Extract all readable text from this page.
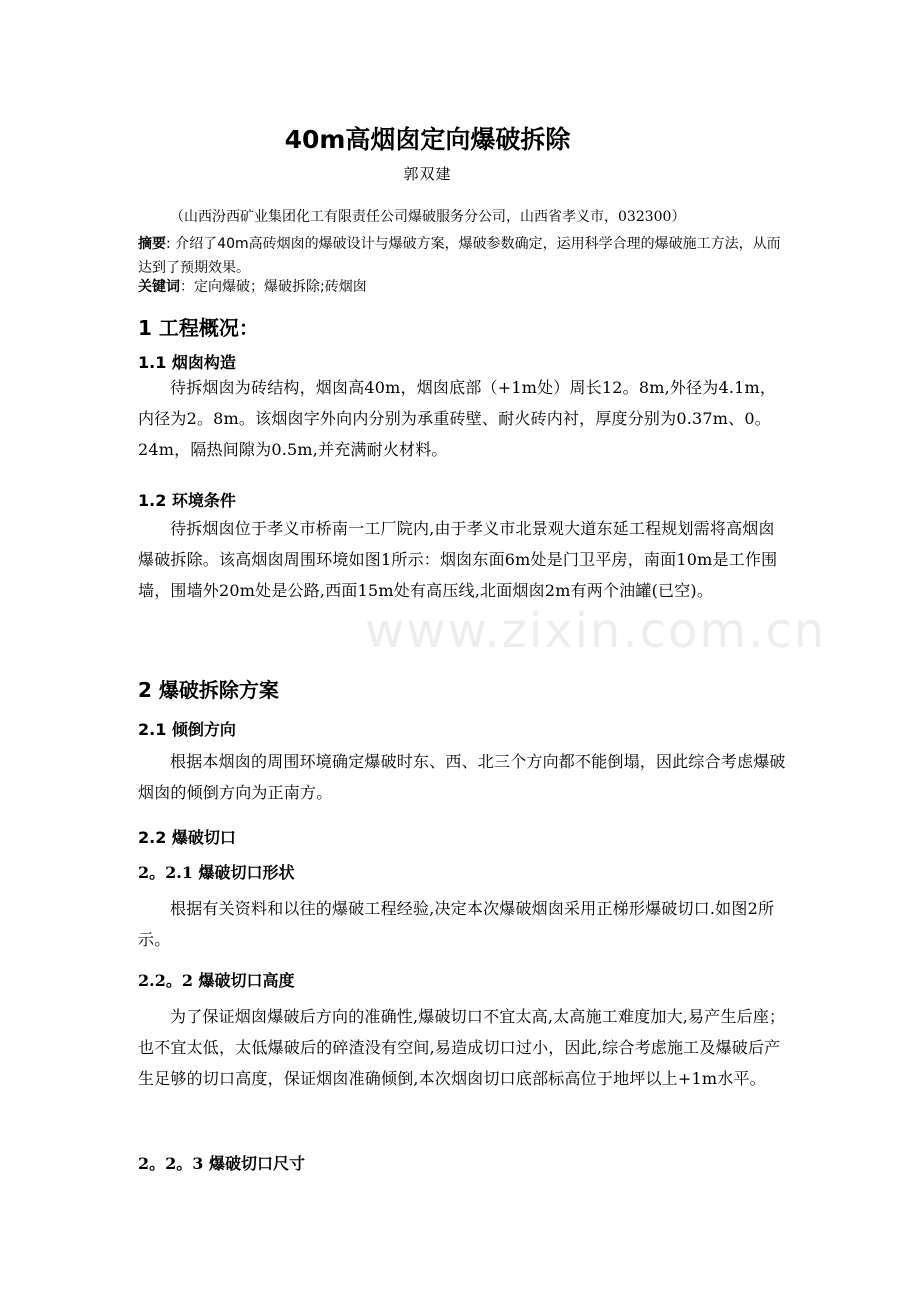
40m高烟囱定向爆破拆除
郭双建
（山西汾西矿业集团化工有限责任公司爆破服务分公司，山西省孝义市，032300）

摘要: 介绍了40m高砖烟囱的爆破设计与爆破方案，爆破参数确定，运用科学合理的爆破施工方法，从而达到了预期效果。

关键词：定向爆破；爆破拆除;砖烟囱
1 工程概况：
1.1 烟囱构造

待拆烟囱为砖结构，烟囱高40m，烟囱底部（+1m处）周长12。8m,外径为4.1m，内径为2。8m。该烟囱字外向内分别为承重砖壁、耐火砖内衬，厚度分别为0.37m、0。24m，隔热间隙为0.5m,并充满耐火材料。

1.2 环境条件

待拆烟囱位于孝义市桥南一工厂院内,由于孝义市北景观大道东延工程规划需将高烟囱爆破拆除。该高烟囱周围环境如图1所示：烟囱东面6m处是门卫平房，南面10m是工作围墙，围墙外20m处是公路,西面15m处有高压线,北面烟囱2m有两个油罐(已空)。

2 爆破拆除方案
2.1 倾倒方向

根据本烟囱的周围环境确定爆破时东、西、北三个方向都不能倒塌，因此综合考虑爆破烟囱的倾倒方向为正南方。

2.2 爆破切口
2。2.1 爆破切口形状

根据有关资料和以往的爆破工程经验,决定本次爆破烟囱采用正梯形爆破切口.如图2所示。

2.2。2 爆破切口高度

为了保证烟囱爆破后方向的准确性,爆破切口不宜太高,太高施工难度加大,易产生后座；也不宜太低，太低爆破后的碎渣没有空间,易造成切口过小，因此,综合考虑施工及爆破后产生足够的切口高度，保证烟囱准确倾倒,本次烟囱切口底部标高位于地坪以上+1m水平。

2。2。3 爆破切口尺寸
www.zixin.com.cn
